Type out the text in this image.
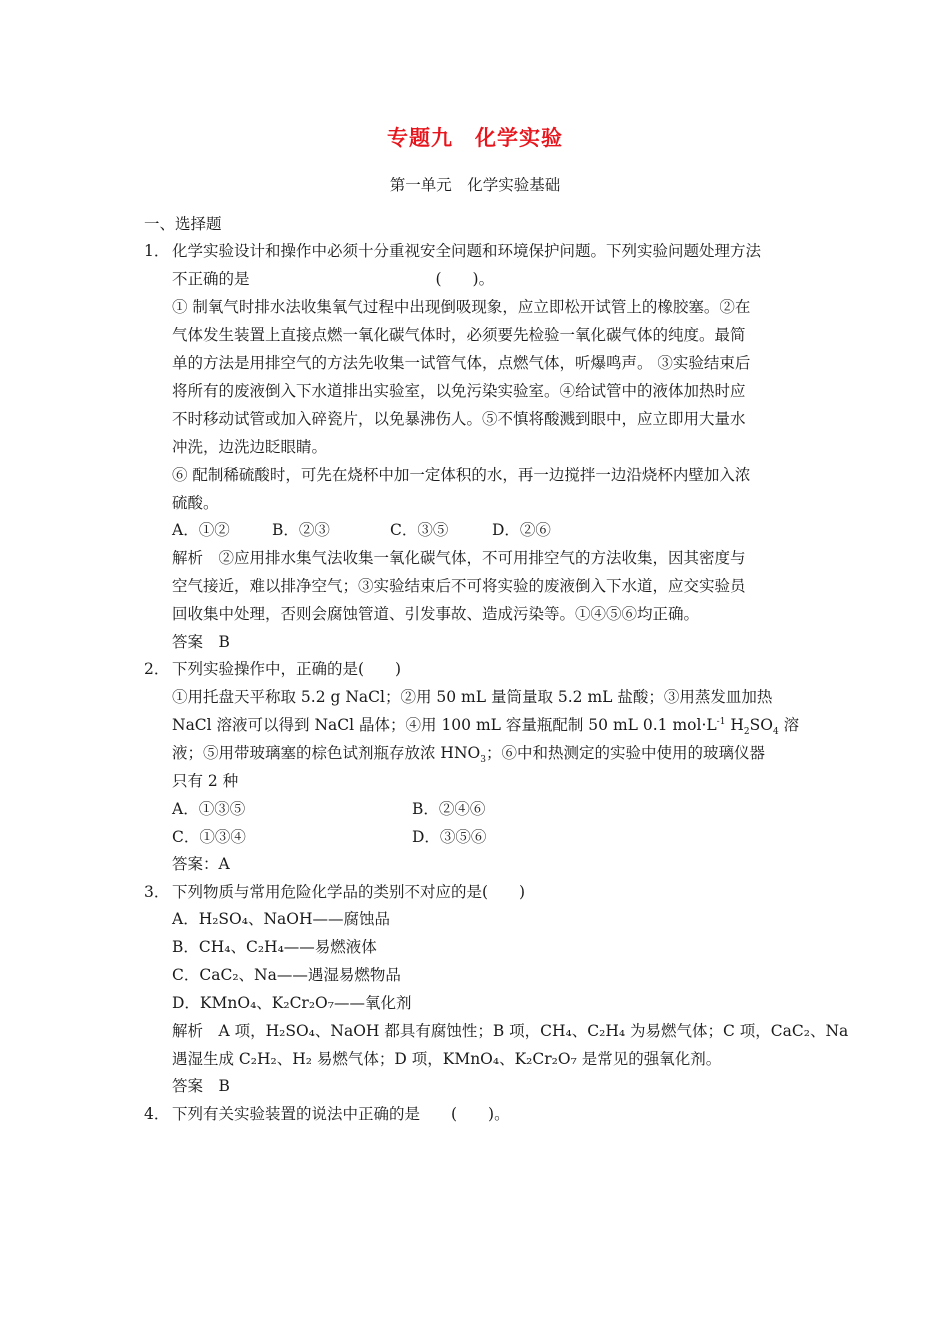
专题九　化学实验
第一单元　化学实验基础
一、选择题
1． 化学实验设计和操作中必须十分重视安全问题和环境保护问题。下列实验问题处理方法
不正确的是　　　　　　　　　　　　(　　)。
① 制氧气时排水法收集氧气过程中出现倒吸现象，应立即松开试管上的橡胶塞。②在
气体发生装置上直接点燃一氧化碳气体时，必须要先检验一氧化碳气体的纯度。最简
单的方法是用排空气的方法先收集一试管气体，点燃气体，听爆鸣声。 ③实验结束后
将所有的废液倒入下水道排出实验室，以免污染实验室。④给试管中的液体加热时应
不时移动试管或加入碎瓷片，以免暴沸伤人。⑤不慎将酸溅到眼中，应立即用大量水
冲洗，边洗边眨眼睛。
⑥ 配制稀硫酸时，可先在烧杯中加一定体积的水，再一边搅拌一边沿烧杯内壁加入浓
硫酸。
A．①②	B．②③	C．③⑤	D．②⑥
解析　②应用排水集气法收集一氧化碳气体，不可用排空气的方法收集，因其密度与
空气接近，难以排净空气；③实验结束后不可将实验的废液倒入下水道，应交实验员
回收集中处理，否则会腐蚀管道、引发事故、造成污染等。①④⑤⑥均正确。
答案　B
2． 下列实验操作中，正确的是(　　)
①用托盘天平称取 5.2 g NaCl；②用 50 mL 量筒量取 5.2 mL 盐酸；③用蒸发皿加热
NaCl 溶液可以得到 NaCl 晶体；④用 100 mL 容量瓶配制 50 mL 0.1 $mol\cdot L^{-1}$ $H_2SO_4$ 溶
液；⑤用带玻璃塞的棕色试剂瓶存放浓 $HNO_3$；⑥中和热测定的实验中使用的玻璃仪器
只有 2 种
A．①③⑤	B．②④⑥
C．①③④	D．③⑤⑥
答案：A
3． 下列物质与常用危险化学品的类别不对应的是(　　)
A．H₂SO₄、NaOH——腐蚀品
B．CH₄、C₂H₄——易燃液体
C．CaC₂、Na——遇湿易燃物品
D．KMnO₄、K₂Cr₂O₇——氧化剂
解析　A 项，H₂SO₄、NaOH 都具有腐蚀性；B 项，CH₄、C₂H₄ 为易燃气体；C 项，CaC₂、Na
遇湿生成 C₂H₂、H₂ 易燃气体；D 项，KMnO₄、K₂Cr₂O₇ 是常见的强氧化剂。
答案　B
4． 下列有关实验装置的说法中正确的是　　(　　)。
